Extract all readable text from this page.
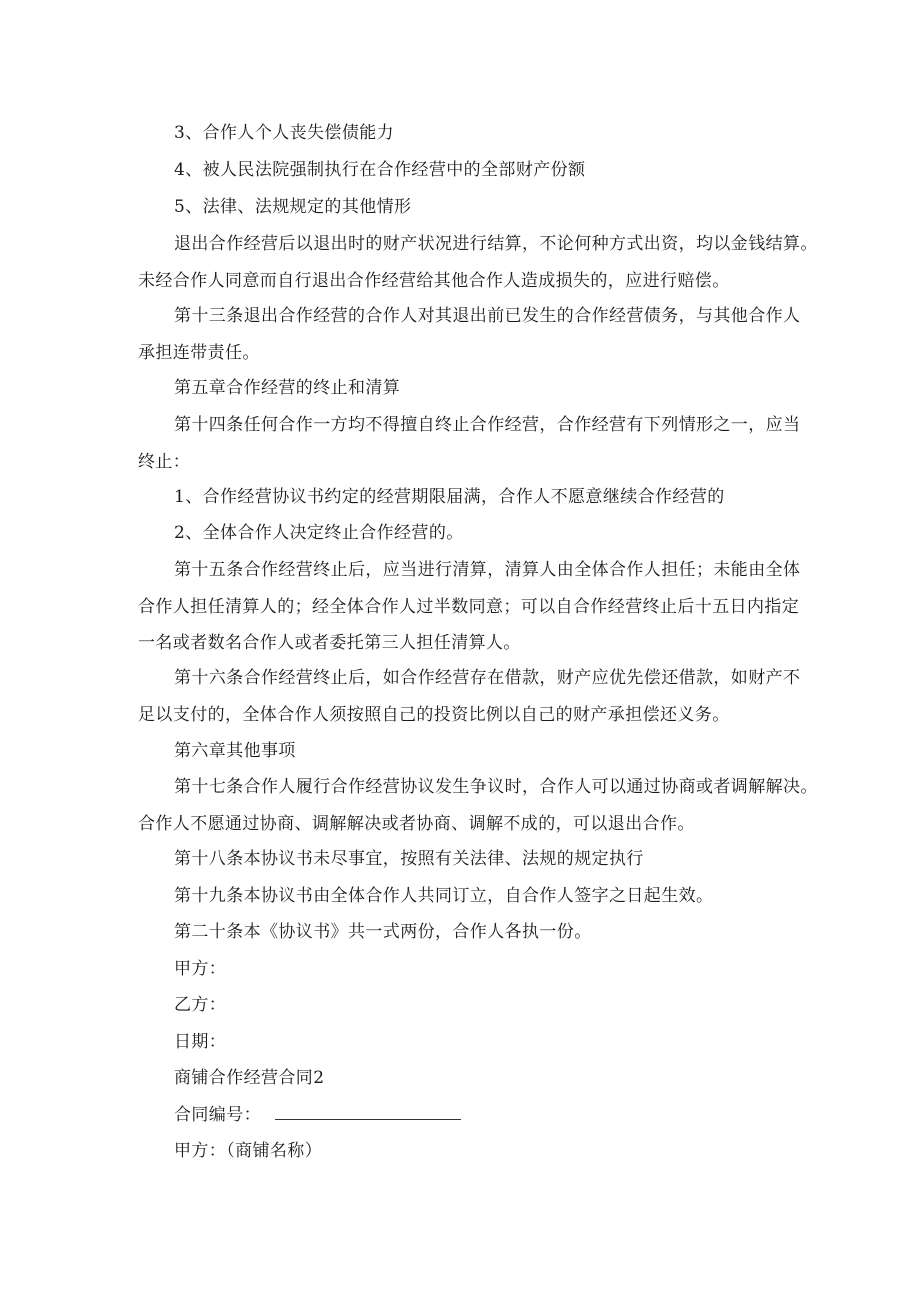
3、合作人个人丧失偿债能力
4、被人民法院强制执行在合作经营中的全部财产份额
5、法律、法规规定的其他情形
退出合作经营后以退出时的财产状况进行结算，不论何种方式出资，均以金钱结算。
未经合作人同意而自行退出合作经营给其他合作人造成损失的，应进行赔偿。
第十三条退出合作经营的合作人对其退出前已发生的合作经营债务，与其他合作人
承担连带责任。
第五章合作经营的终止和清算
第十四条任何合作一方均不得擅自终止合作经营，合作经营有下列情形之一，应当
终止：
1、合作经营协议书约定的经营期限届满，合作人不愿意继续合作经营的
2、全体合作人决定终止合作经营的。
第十五条合作经营终止后，应当进行清算，清算人由全体合作人担任；未能由全体
合作人担任清算人的；经全体合作人过半数同意；可以自合作经营终止后十五日内指定
一名或者数名合作人或者委托第三人担任清算人。
第十六条合作经营终止后，如合作经营存在借款，财产应优先偿还借款，如财产不
足以支付的，全体合作人须按照自己的投资比例以自己的财产承担偿还义务。
第六章其他事项
第十七条合作人履行合作经营协议发生争议时，合作人可以通过协商或者调解解决。
合作人不愿通过协商、调解解决或者协商、调解不成的，可以退出合作。
第十八条本协议书未尽事宜，按照有关法律、法规的规定执行
第十九条本协议书由全体合作人共同订立，自合作人签字之日起生效。
第二十条本《协议书》共一式两份，合作人各执一份。
甲方：
乙方：
日期：
商铺合作经营合同2
合同编号：
甲方：（商铺名称）
